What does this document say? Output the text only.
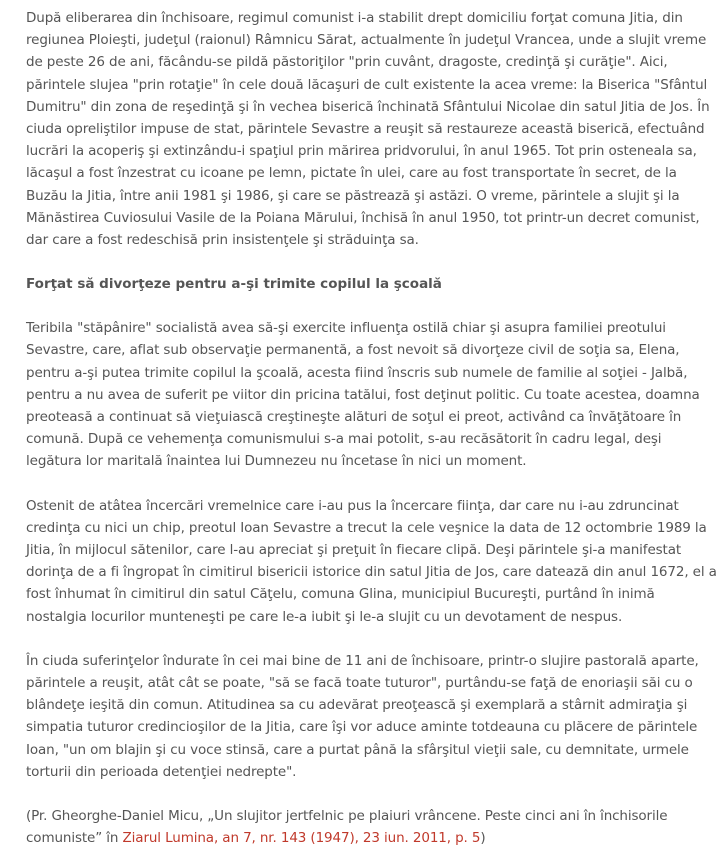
După eliberarea din închisoare, regimul comunist i-a stabilit drept domiciliu forţat comuna Jitia, din regiunea Ploieşti, judeţul (raionul) Râmnicu Sărat, actualmente în judeţul Vrancea, unde a slujit vreme de peste 26 de ani, făcându-se pildă păstoriţilor "prin cuvânt, dragoste, credinţă şi curăţie". Aici, părintele slujea "prin rotaţie" în cele două lăcaşuri de cult existente la acea vreme: la Biserica "Sfântul Dumitru" din zona de reşedinţă şi în vechea biserică închinată Sfântului Nicolae din satul Jitia de Jos. În ciuda opreliştilor impuse de stat, părintele Sevastre a reuşit să restaureze această biserică, efectuând lucrări la acoperiş şi extinzându-i spaţiul prin mărirea pridvorului, în anul 1965. Tot prin osteneala sa, lăcaşul a fost înzestrat cu icoane pe lemn, pictate în ulei, care au fost transportate în secret, de la Buzău la Jitia, între anii 1981 şi 1986, şi care se păstrează şi astăzi. O vreme, părintele a slujit şi la Mănăstirea Cuviosului Vasile de la Poiana Mărului, închisă în anul 1950, tot printr-un decret comunist, dar care a fost redeschisă prin insistenţele şi străduinţa sa.

Forţat să divorţeze pentru a-şi trimite copilul la şcoală

Teribila "stăpânire" socialistă avea să-şi exercite influenţa ostilă chiar şi asupra familiei preotului Sevastre, care, aflat sub observaţie permanentă, a fost nevoit să divorţeze civil de soţia sa, Elena, pentru a-şi putea trimite copilul la şcoală, acesta fiind înscris sub numele de familie al soţiei - Jalbă, pentru a nu avea de suferit pe viitor din pricina tatălui, fost deţinut politic. Cu toate acestea, doamna preoteasă a continuat să vieţuiască creştineşte alături de soţul ei preot, activând ca învăţătoare în comună. După ce vehemenţa comunismului s-a mai potolit, s-au recăsătorit în cadru legal, deşi legătura lor maritală înaintea lui Dumnezeu nu încetase în nici un moment.

Ostenit de atâtea încercări vremelnice care i-au pus la încercare fiinţa, dar care nu i-au zdruncinat credinţa cu nici un chip, preotul Ioan Sevastre a trecut la cele veşnice la data de 12 octombrie 1989 la Jitia, în mijlocul sătenilor, care l-au apreciat şi preţuit în fiecare clipă. Deşi părintele şi-a manifestat dorinţa de a fi îngropat în cimitirul bisericii istorice din satul Jitia de Jos, care datează din anul 1672, el a fost înhumat în cimitirul din satul Căţelu, comuna Glina, municipiul Bucureşti, purtând în inimă nostalgia locurilor munteneşti pe care le-a iubit şi le-a slujit cu un devotament de nespus.

În ciuda suferinţelor îndurate în cei mai bine de 11 ani de închisoare, printr-o slujire pastorală aparte, părintele a reuşit, atât cât se poate, "să se facă toate tuturor", purtându-se faţă de enoriaşii săi cu o blândeţe ieşită din comun. Atitudinea sa cu adevărat preoţească şi exemplară a stârnit admiraţia şi simpatia tuturor credincioşilor de la Jitia, care îşi vor aduce aminte totdeauna cu plăcere de părintele Ioan, "un om blajin şi cu voce stinsă, care a purtat până la sfârşitul vieţii sale, cu demnitate, urmele torturii din perioada detenţiei nedrepte".

(Pr. Gheorghe-Daniel Micu, „Un slujitor jertfelnic pe plaiuri vrâncene. Peste cinci ani în închisorile comuniste” în Ziarul Lumina, an 7, nr. 143 (1947), 23 iun. 2011, p. 5)
